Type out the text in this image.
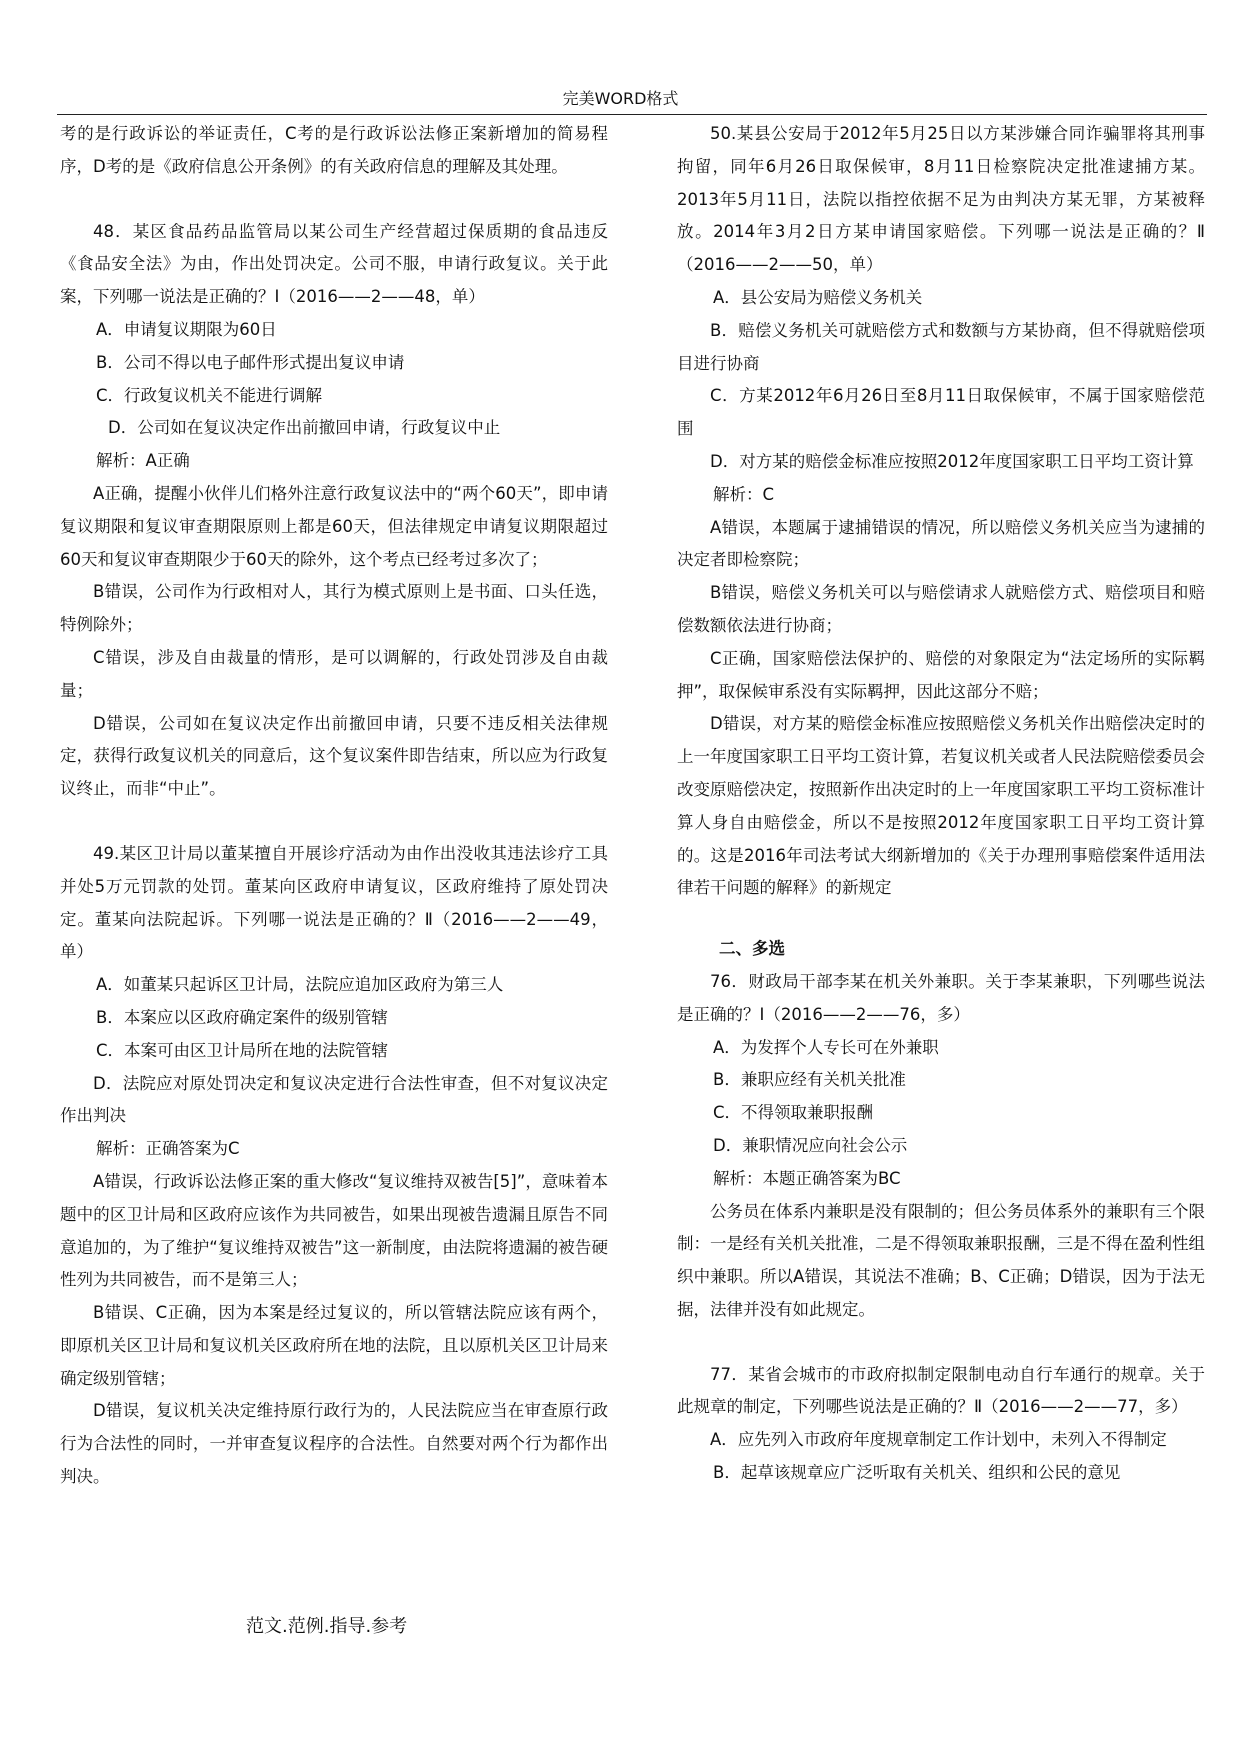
完美WORD格式

考的是行政诉讼的举证责任，C考的是行政诉讼法修正案新增加的简易程序，D考的是《政府信息公开条例》的有关政府信息的理解及其处理。

48．某区食品药品监管局以某公司生产经营超过保质期的食品违反《食品安全法》为由，作出处罚决定。公司不服，申请行政复议。关于此案，下列哪一说法是正确的？Ⅰ（2016——2——48，单）

A．申请复议期限为60日

B．公司不得以电子邮件形式提出复议申请

C．行政复议机关不能进行调解

D．公司如在复议决定作出前撤回申请，行政复议中止

解析：A正确

A正确，提醒小伙伴儿们格外注意行政复议法中的“两个60天”，即申请复议期限和复议审查期限原则上都是60天，但法律规定申请复议期限超过60天和复议审查期限少于60天的除外，这个考点已经考过多次了；

B错误，公司作为行政相对人，其行为模式原则上是书面、口头任选，特例除外；

C错误，涉及自由裁量的情形，是可以调解的，行政处罚涉及自由裁量；

D错误，公司如在复议决定作出前撤回申请，只要不违反相关法律规定，获得行政复议机关的同意后，这个复议案件即告结束，所以应为行政复议终止，而非“中止”。

49.某区卫计局以董某擅自开展诊疗活动为由作出没收其违法诊疗工具并处5万元罚款的处罚。董某向区政府申请复议，区政府维持了原处罚决定。董某向法院起诉。下列哪一说法是正确的？Ⅱ（2016——2——49，单）

A．如董某只起诉区卫计局，法院应追加区政府为第三人

B．本案应以区政府确定案件的级别管辖

C．本案可由区卫计局所在地的法院管辖

D．法院应对原处罚决定和复议决定进行合法性审查，但不对复议决定作出判决

解析：正确答案为C

A错误，行政诉讼法修正案的重大修改“复议维持双被告[5]”，意味着本题中的区卫计局和区政府应该作为共同被告，如果出现被告遗漏且原告不同意追加的，为了维护“复议维持双被告”这一新制度，由法院将遗漏的被告硬性列为共同被告，而不是第三人；

B错误、C正确，因为本案是经过复议的，所以管辖法院应该有两个，即原机关区卫计局和复议机关区政府所在地的法院，且以原机关区卫计局来确定级别管辖；

D错误，复议机关决定维持原行政行为的，人民法院应当在审查原行政行为合法性的同时，一并审查复议程序的合法性。自然要对两个行为都作出判决。

50.某县公安局于2012年5月25日以方某涉嫌合同诈骗罪将其刑事拘留，同年6月26日取保候审，8月11日检察院决定批准逮捕方某。2013年5月11日，法院以指控依据不足为由判决方某无罪，方某被释放。2014年3月2日方某申请国家赔偿。下列哪一说法是正确的？Ⅱ（2016——2——50，单）

A．县公安局为赔偿义务机关

B．赔偿义务机关可就赔偿方式和数额与方某协商，但不得就赔偿项目进行协商

C．方某2012年6月26日至8月11日取保候审，不属于国家赔偿范围

D．对方某的赔偿金标准应按照2012年度国家职工日平均工资计算

解析：C

A错误，本题属于逮捕错误的情况，所以赔偿义务机关应当为逮捕的决定者即检察院；

B错误，赔偿义务机关可以与赔偿请求人就赔偿方式、赔偿项目和赔偿数额依法进行协商；

C正确，国家赔偿法保护的、赔偿的对象限定为“法定场所的实际羁押”，取保候审系没有实际羁押，因此这部分不赔；

D错误，对方某的赔偿金标准应按照赔偿义务机关作出赔偿决定时的上一年度国家职工日平均工资计算，若复议机关或者人民法院赔偿委员会改变原赔偿决定，按照新作出决定时的上一年度国家职工平均工资标准计算人身自由赔偿金，所以不是按照2012年度国家职工日平均工资计算的。这是2016年司法考试大纲新增加的《关于办理刑事赔偿案件适用法律若干问题的解释》的新规定

二、多选

76．财政局干部李某在机关外兼职。关于李某兼职，下列哪些说法是正确的？Ⅰ（2016——2——76，多）

A．为发挥个人专长可在外兼职

B．兼职应经有关机关批准

C．不得领取兼职报酬

D．兼职情况应向社会公示

解析：本题正确答案为BC

公务员在体系内兼职是没有限制的；但公务员体系外的兼职有三个限制：一是经有关机关批准，二是不得领取兼职报酬，三是不得在盈利性组织中兼职。所以A错误，其说法不准确；B、C正确；D错误，因为于法无据，法律并没有如此规定。

77．某省会城市的市政府拟制定限制电动自行车通行的规章。关于此规章的制定，下列哪些说法是正确的？Ⅱ（2016——2——77，多）

A．应先列入市政府年度规章制定工作计划中，未列入不得制定

B．起草该规章应广泛听取有关机关、组织和公民的意见

范文.范例.指导.参考
